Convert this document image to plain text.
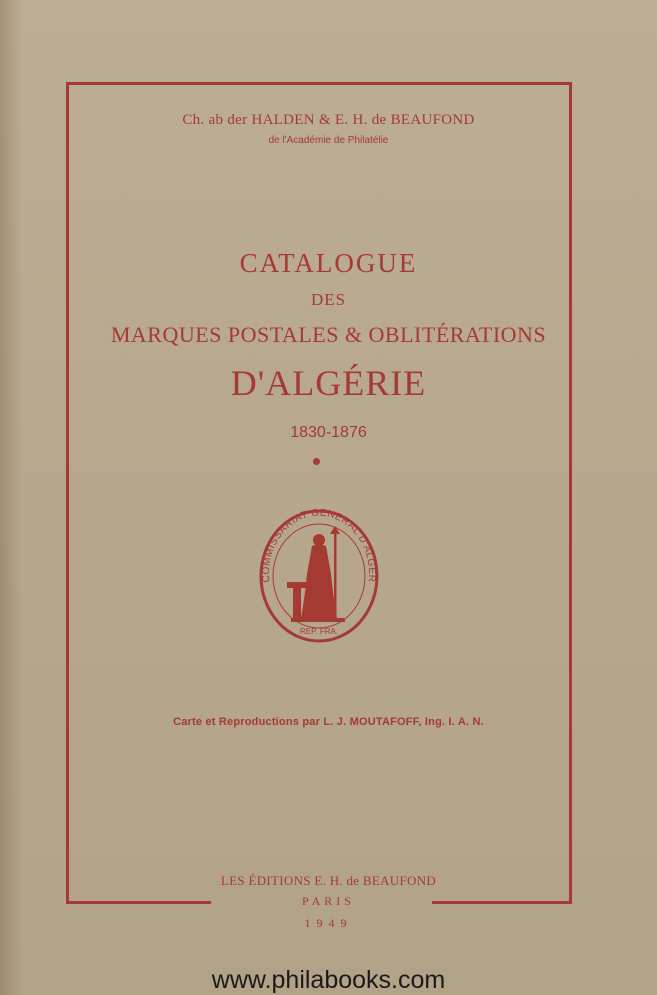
Ch. ab der HALDEN & E. H. de BEAUFOND
de l'Académie de Philatélie
CATALOGUE
DES
MARQUES POSTALES & OBLITÉRATIONS
D'ALGÉRIE
1830-1876
COMMISSARIAT GENERAL D'ALGER
REP. FRA.
Carte et Reproductions par L. J. MOUTAFOFF, Ing. I. A. N.
LES ÉDITIONS E. H. de BEAUFOND
PARIS
1949
www.philabooks.com
